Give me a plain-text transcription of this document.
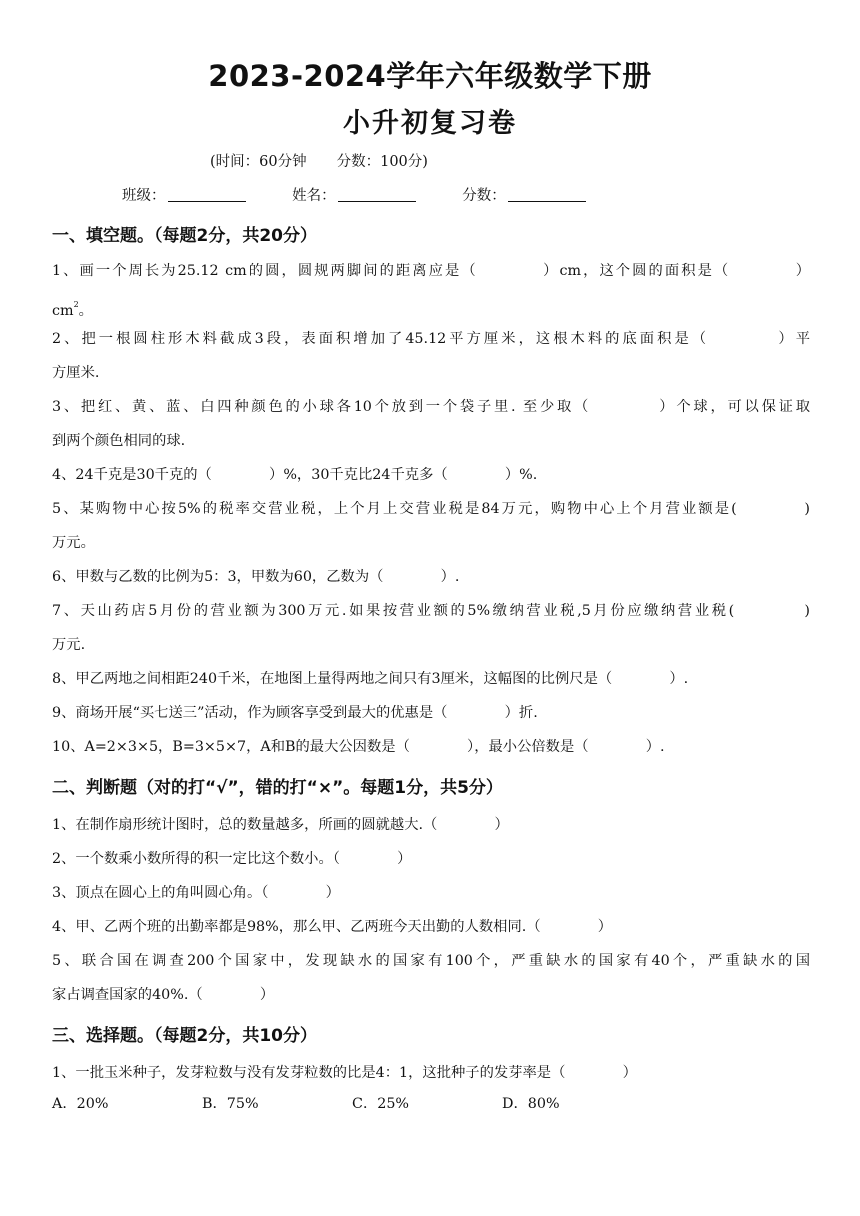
2023-2024学年六年级数学下册
小升初复习卷
(时间：60分钟 分数：100分)
班级：	姓名：	分数：
一、填空题。（每题2分，共20分）
1、画一个周长为25.12 cm的圆，圆规两脚间的距离应是（　　　　）cm，这个圆的面积是（　　　　）
$cm^2$。
2、把一根圆柱形木料截成3段，表面积增加了45.12平方厘米，这根木料的底面积是（　　　　）平
方厘米.
3、把红、黄、蓝、白四种颜色的小球各10个放到一个袋子里. 至少取（　　　　）个球，可以保证取
到两个颜色相同的球.
4、24千克是30千克的（　　　　）%，30千克比24千克多（　　　　）%.
5、某购物中心按5%的税率交营业税，上个月上交营业税是84万元，购物中心上个月营业额是(　　　　)
万元。
6、甲数与乙数的比例为5：3，甲数为60，乙数为（　　　　）.
7、天山药店5月份的营业额为300万元.如果按营业额的5%缴纳营业税,5月份应缴纳营业税(　　　　)
万元.
8、甲乙两地之间相距240千米，在地图上量得两地之间只有3厘米，这幅图的比例尺是（　　　　）.
9、商场开展“买七送三”活动，作为顾客享受到最大的优惠是（　　　　）折.
10、A=2×3×5，B=3×5×7，A和B的最大公因数是（　　　　），最小公倍数是（　　　　）.
二、判断题（对的打“√”，错的打“×”。每题1分，共5分）
1、在制作扇形统计图时，总的数量越多，所画的圆就越大.（　　　　）
2、一个数乘小数所得的积一定比这个数小。（　　　　）
3、顶点在圆心上的角叫圆心角。（　　　　）
4、甲、乙两个班的出勤率都是98%，那么甲、乙两班今天出勤的人数相同.（　　　　）
5、联合国在调查200个国家中，发现缺水的国家有100个，严重缺水的国家有40个，严重缺水的国
家占调查国家的40%.（　　　　）
三、选择题。（每题2分，共10分）
1、一批玉米种子，发芽粒数与没有发芽粒数的比是4：1，这批种子的发芽率是（　　　　）
A．20%	B．75%	C．25%	D．80%
